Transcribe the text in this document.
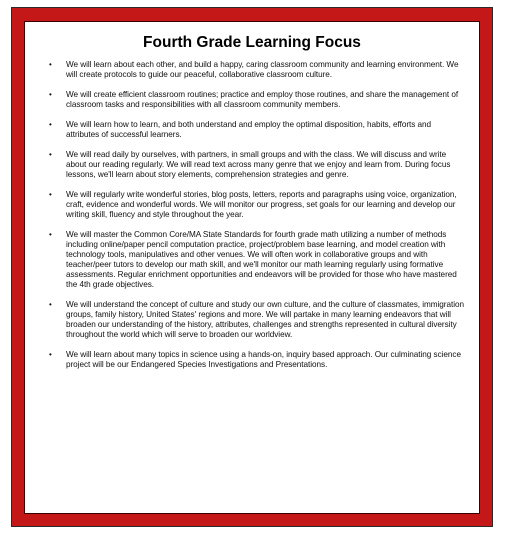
Fourth Grade Learning Focus
• We will learn about each other, and build a happy, caring classroom community and learning environment. We will create protocols to guide our peaceful, collaborative classroom culture.
• We will create efficient classroom routines; practice and employ those routines, and share the management of classroom tasks and responsibilities with all classroom community members.
• We will learn how to learn, and both understand and employ the optimal disposition, habits, efforts and attributes of successful learners.
• We will read daily by ourselves, with partners, in small groups and with the class. We will discuss and write about our reading regularly. We will read text across many genre that we enjoy and learn from. During focus lessons, we'll learn about story elements, comprehension strategies and genre.
• We will regularly write wonderful stories, blog posts, letters, reports and paragraphs using voice, organization, craft, evidence and wonderful words. We will monitor our progress, set goals for our learning and develop our writing skill, fluency and style throughout the year.
• We will master the Common Core/MA State Standards for fourth grade math utilizing a number of methods including online/paper pencil computation practice, project/problem base learning, and model creation with technology tools, manipulatives and other venues. We will often work in collaborative groups and with teacher/peer tutors to develop our math skill, and we'll monitor our math learning regularly using formative assessments. Regular enrichment opportunities and endeavors will be provided for those who have mastered the 4th grade objectives.
• We will understand the concept of culture and study our own culture, and the culture of classmates, immigration groups, family history, United States' regions and more. We will partake in many learning endeavors that will broaden our understanding of the history, attributes, challenges and strengths represented in cultural diversity throughout the world which will serve to broaden our worldview.
• We will learn about many topics in science using a hands-on, inquiry based approach. Our culminating science project will be our Endangered Species Investigations and Presentations.
